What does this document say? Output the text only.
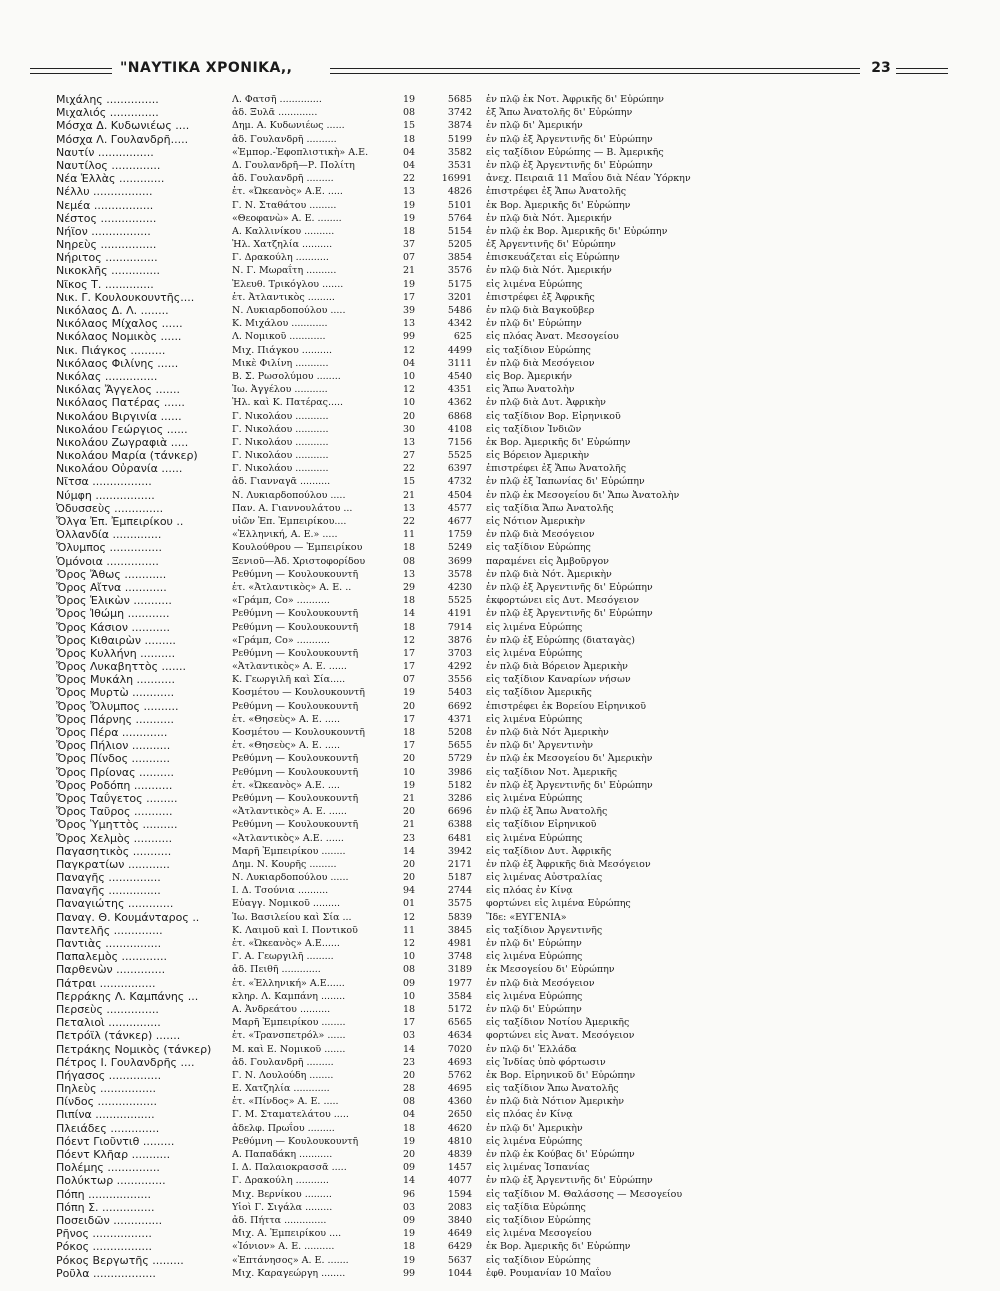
"ΝΑΥΤΙΚΑ ΧΡΟΝΙΚΑ,,	23
Μιχάλης ...............	Λ. Φατσῆ ..............	19	5685 ἐν πλῷ ἐκ Νοτ. Ἀφρικῆς δι' Εὐρώπην
Μιχαλιός ..............	ἀδ. Ξυλᾶ .............	08	3742 ἐξ Ἄπω Ἀνατολῆς δι' Εὐρώπην
Μόσχα Δ. Κυδωνιέως ....	Δημ. Α. Κυδωνιέως ......	15	3874 ἐν πλῷ δι' Ἀμερικήν
Μόσχα Λ. Γουλανδρῆ.....	ἀδ. Γουλανδρῆ ..........	18	5199 ἐν πλῷ ἐξ Ἀργεντινῆς δι' Εὐρώπην
Ναυτίν ................	«Ἐμπορ.-Ἐφοπλιστικὴ» Α.Ε.	04	3582 εἰς ταξίδιον Εὐρώπης — Β. Ἀμερικῆς
Ναυτίλος ..............	Δ. Γουλανδρῆ—Ρ. Πολίτη	04	3531 ἐν πλῷ ἐξ Ἀργεντινῆς δι' Εὐρώπην
Νέα Ἑλλὰς .............	ἀδ. Γουλανδρῆ .........	22	16991 ἀνεχ. Πειραιᾶ 11 Μαΐου διὰ Νέαν Ὑόρκην
Νέλλυ .................	ἑτ. «Ὠκεανὸς» Α.Ε. .....	13	4826 ἐπιστρέφει ἐξ Ἄπω Ἀνατολῆς
Νεμέα .................	Γ. Ν. Σταθάτου .........	19	5101 ἐκ Βορ. Ἀμερικῆς δι' Εὐρώπην
Νέστος ................	«Θεοφανὼ» Α. Ε. ........	19	5764 ἐν πλῷ διὰ Νότ. Ἀμερικήν
Νήϊον .................	Α. Καλλινίκου ..........	18	5154 ἐν πλῷ ἐκ Βορ. Ἀμερικῆς δι' Εὐρώπην
Νηρεὺς ................	Ἠλ. Χατζηλία ..........	37	5205 ἐξ Ἀργεντινῆς δι' Εὐρώπην
Νήριτος ...............	Γ. Δρακούλη ...........	07	3854 ἐπισκευάζεται εἰς Εὐρώπην
Νικοκλῆς ..............	Ν. Γ. Μωραΐτη ..........	21	3576 ἐν πλῷ διὰ Νότ. Ἀμερικήν
Νῖκος Τ. ..............	Ἐλευθ. Τρικόγλου .......	19	5175 εἰς λιμένα Εὐρώπης
Νικ. Γ. Κουλουκουντῆς....	ἑτ. Ἀτλαντικὸς .........	17	3201 ἐπιστρέφει ἐξ Ἀφρικῆς
Νικόλαος Δ. Λ. ........	Ν. Λυκιαρδοπούλου .....	39	5486 ἐν πλῷ διὰ Βαγκοῦβερ
Νικόλαος Μίχαλος ......	Κ. Μιχάλου ............	13	4342 ἐν πλῷ δι' Εὐρώπην
Νικόλαος Νομικὸς ......	Λ. Νομικοῦ ............	99	625 εἰς πλόας Ἀνατ. Μεσογείου
Νικ. Πιάγκος ..........	Μιχ. Πιάγκου ..........	12	4499 εἰς ταξίδιον Εὐρώπης
Νικόλαος Φιλίνης ......	Μικὲ Φιλίνη ...........	04	3111 ἐν πλῷ διὰ Μεσόγειον
Νικόλας ...............	Β. Σ. Ρωσολύμου ........	10	4540 εἰς Βορ. Ἀμερικήν
Νικόλας Ἄγγελος .......	Ἰω. Ἀγγέλου ...........	12	4351 εἰς Ἄπω Ἀνατολὴν
Νικόλαος Πατέρας ......	Ἠλ. καὶ Κ. Πατέρας.....	10	4362 ἐν πλῷ διὰ Δυτ. Ἀφρικὴν
Νικολάου Βιργινία ......	Γ. Νικολάου ...........	20	6868 εἰς ταξίδιον Βορ. Εἰρηνικοῦ
Νικολάου Γεώργιος ......	Γ. Νικολάου ...........	30	4108 εἰς ταξίδιον Ἰνδιῶν
Νικολάου Ζωγραφιὰ .....	Γ. Νικολάου ...........	13	7156 ἐκ Βορ. Ἀμερικῆς δι' Εὐρώπην
Νικολάου Μαρία (τάνκερ)	Γ. Νικολάου ...........	27	5525 εἰς Βόρειον Ἀμερικὴν
Νικολάου Οὐρανία ......	Γ. Νικολάου ...........	22	6397 ἐπιστρέφει ἐξ Ἄπω Ἀνατολῆς
Νῖτσα .................	ἀδ. Γιανναγᾶ ..........	15	4732 ἐν πλῷ ἐξ Ἰαπωνίας δι' Εὐρώπην
Νύμφη .................	Ν. Λυκιαρδοπούλου .....	21	4504 ἐν πλῷ ἐκ Μεσογείου δι' Ἄπω Ἀνατολὴν
Ὀδυσσεὺς ..............	Παν. Α. Γιαννουλάτου ...	13	4577 εἰς ταξίδια Ἄπω Ἀνατολῆς
Ὄλγα Ἐπ. Ἐμπειρίκου ..	υἱῶν Ἐπ. Ἐμπειρίκου....	22	4677 εἰς Νότιον Ἀμερικὴν
Ὀλλανδία ..............	«Ἑλληνική, Α. Ε.» .....	11	1759 ἐν πλῷ διὰ Μεσόγειον
Ὄλυμπος ...............	Κουλούθρου — Ἐμπειρίκου	18	5249 εἰς ταξίδιον Εὐρώπης
Ὁμόνοια ...............	Ξενιοῦ—Ἀδ. Χριστοφορίδου	08	3699 παραμένει εἰς Ἀμβοῦργον
Ὄρος Ἄθως ............	Ρεθύμνη — Κουλουκουντῆ	13	3578 ἐν πλῷ διὰ Νότ. Ἀμερικὴν
Ὄρος Αἴτνα ............	ἑτ. «Ἀτλαντικὸς» Α. Ε. ..	29	4230 ἐν πλῷ ἐξ Ἀργεντινῆς δι' Εὐρώπην
Ὄρος Ἑλικὼν ...........	«Γράμπ, Co» ...........	18	5525 ἐκφορτώνει εἰς Δυτ. Μεσόγειον
Ὄρος Ἰθώμη ............	Ρεθύμνη — Κουλουκουντῆ	14	4191 ἐν πλῷ ἐξ Ἀργεντινῆς δι' Εὐρώπην
Ὄρος Κάσιον ...........	Ρεθύμνη — Κουλουκουντῆ	18	7914 εἰς λιμένα Εὐρώπης
Ὄρος Κιθαιρὼν .........	«Γράμπ, Co» ...........	12	3876 ἐν πλῷ ἐξ Εὐρώπης (διαταγὰς)
Ὄρος Κυλλήνη ..........	Ρεθύμνη — Κουλουκουντῆ	17	3703 εἰς λιμένα Εὐρώπης
Ὄρος Λυκαβηττὸς .......	«Ἀτλαντικὸς» Α. Ε. ......	17	4292 ἐν πλῷ διὰ Βόρειον Ἀμερικὴν
Ὄρος Μυκάλη ...........	Κ. Γεωργιλῆ καὶ Σία.....	07	3556 εἰς ταξίδιον Καναρίων νήσων
Ὄρος Μυρτὼ ............	Κοσμέτου — Κουλουκουντῆ	19	5403 εἰς ταξίδιον Ἀμερικῆς
Ὄρος Ὄλυμπος ..........	Ρεθύμνη — Κουλουκουντῆ	20	6692 ἐπιστρέφει ἐκ Βορείου Εἰρηνικοῦ
Ὄρος Πάρνης ...........	ἑτ. «Θησεὺς» Α. Ε. .....	17	4371 εἰς λιμένα Εὐρώπης
Ὄρος Πέρα .............	Κοσμέτου — Κουλουκουντῆ	18	5208 ἐν πλῷ διὰ Νότ Ἀμερικὴν
Ὄρος Πήλιον ...........	ἑτ. «Θησεὺς» Α. Ε. .....	17	5655 ἐν πλῷ δι' Ἀργεντινὴν
Ὄρος Πίνδος ...........	Ρεθύμνη — Κουλουκουντῆ	20	5729 ἐν πλῷ ἐκ Μεσογείου δι' Ἀμερικὴν
Ὄρος Πρίονας ..........	Ρεθύμνη — Κουλουκουντῆ	10	3986 εἰς ταξίδιον Νοτ. Ἀμερικῆς
Ὄρος Ροδόπη ...........	ἑτ. «Ὠκεανὸς» Α.Ε. ....	19	5182 ἐν πλῷ ἐξ Ἀργεντινῆς δι' Εὐρώπην
Ὄρος Ταΰγετος .........	Ρεθύμνη — Κουλουκουντῆ	21	3286 εἰς λιμένα Εὐρώπης
Ὄρος Ταῦρος ...........	«Ἀτλαντικὸς» Α. Ε. ......	20	6696 ἐν πλῷ ἐξ Ἄπω Ἀνατολῆς
Ὄρος Ὑμηττὸς ..........	Ρεθύμνη — Κουλουκουντῆ	21	6388 εἰς ταξίδιον Εἰρηνικοῦ
Ὄρος Χελμὸς ...........	«Ἀτλαντικὸς» Α.Ε. ......	23	6481 εἰς λιμένα Εὐρώπης
Παγασητικὸς ...........	Μαρῆ Ἐμπειρίκου ........	14	3942 εἰς ταξίδιον Δυτ. Ἀφρικῆς
Παγκρατίων ............	Δημ. Ν. Κουρῆς .........	20	2171 ἐν πλῷ ἐξ Ἀφρικῆς διὰ Μεσόγειον
Παναγῆς ...............	Ν. Λυκιαρδοπούλου ......	20	5187 εἰς λιμένας Αὐστραλίας
Παναγῆς ...............	Ι. Δ. Τσούνια ..........	94	2744 εἰς πλόας ἐν Κίνᾳ
Παναγιώτης .............	Εὐαγγ. Νομικοῦ .........	01	3575 φορτώνει εἰς λιμένα Εὐρώπης
Παναγ. Θ. Κουμάνταρος ..	Ἰω. Βασιλείου καὶ Σία ...	12	5839 Ἴδε: «ΕΥΓΕΝΙΑ»
Παντελῆς ..............	Κ. Λαιμοῦ καὶ Ι. Ποντικοῦ	11	3845 εἰς ταξίδιον Ἀργεντινῆς
Παντιὰς ................	ἑτ. «Ὠκεανὸς» Α.Ε......	12	4981 ἐν πλῷ δι' Εὐρώπην
Παπαλεμὸς .............	Γ. Α. Γεωργιλῆ .........	10	3748 εἰς λιμένα Εὐρώπης
Παρθενὼν ..............	ἀδ. Πειθῆ .............	08	3189 ἐκ Μεσογείου δι' Εὐρώπην
Πάτραι ................	ἑτ. «Ἑλληνική» Α.Ε......	09	1977 ἐν πλῷ διὰ Μεσόγειον
Περράκης Λ. Καμπάνης ...	κληρ. Λ. Καμπάνη ........	10	3584 εἰς λιμένα Εὐρώπης
Περσεὺς ...............	Α. Ἀνδρεάτου ..........	18	5172 ἐν πλῷ δι' Εὐρώπην
Πεταλιοὶ ...............	Μαρῆ Ἐμπειρίκου ........	17	6565 εἰς ταξίδιον Νοτίου Ἀμερικῆς
Πετρόϊλ (τάνκερ) .......	ἑτ. «Τρανσπετρόλ» ......	03	4634 φορτώνει εἰς Ἀνατ. Μεσόγειον
Πετράκης Νομικὸς (τάνκερ)	Μ. καὶ Ε. Νομικοῦ .......	14	7020 ἐν πλῷ δι' Ἑλλάδα
Πέτρος Ι. Γουλανδρῆς ....	ἀδ. Γουλανδρῆ .........	23	4693 εἰς Ἰνδίας ὑπὸ φόρτωσιν
Πήγασος ...............	Γ. Ν. Λουλούδη ........	20	5762 ἐκ Βορ. Εἰρηνικοῦ δι' Εὐρώπην
Πηλεὺς ................	Ε. Χατζηλία ............	28	4695 εἰς ταξίδιον Ἄπω Ἀνατολῆς
Πίνδος .................	ἑτ. «Πίνδος» Α. Ε. .....	08	4360 ἐν πλῷ διὰ Νότιον Ἀμερικὴν
Πιπίνα .................	Γ. Μ. Σταματελάτου .....	04	2650 εἰς πλόας ἐν Κίνᾳ
Πλειάδες ..............	ἀδελφ. Πρωΐου .........	18	4620 ἐν πλῷ δι' Ἀμερικὴν
Πόεντ Γιοῦντιθ .........	Ρεθύμνη — Κουλουκουντῆ	19	4810 εἰς λιμένα Εὐρώπης
Πόεντ Κλῆαρ ...........	Α. Παπαδάκη ...........	20	4839 ἐν πλῷ ἐκ Κούβας δι' Εὐρώπην
Πολέμης ...............	Ι. Δ. Παλαιοκρασσᾶ .....	09	1457 εἰς λιμένας Ἱσπανίας
Πολύκτωρ ..............	Γ. Δρακούλη ...........	14	4077 ἐν πλῷ ἐξ Ἀργεντινῆς δι' Εὐρώπην
Πόπη ..................	Μιχ. Βερνίκου .........	96	1594 εἰς ταξίδιον Μ. Θαλάσσης — Μεσογείου
Πόπη Σ. ...............	Υἱοὶ Γ. Σιγάλα .........	03	2083 εἰς ταξίδια Εὐρώπης
Ποσειδῶν ..............	ἀδ. Πήττα ..............	09	3840 εἰς ταξίδιον Εὐρώπης
Ρῆνος .................	Μιχ. Α. Ἐμπειρίκου ....	19	4649 εἰς λιμένα Μεσογείου
Ρόκος .................	«Ἰόνιον» Α. Ε. ..........	18	6429 ἐκ Βορ. Ἀμερικῆς δι' Εὐρώπην
Ρόκος Βεργωτῆς .........	«Ἐπτάνησος» Α. Ε. .......	19	5637 εἰς ταξίδιον Εὐρώπης
Ροῦλα ..................	Μιχ. Καραγεώργη ........	99	1044 ἐφθ. Ρουμανίαν 10 Μαΐου
